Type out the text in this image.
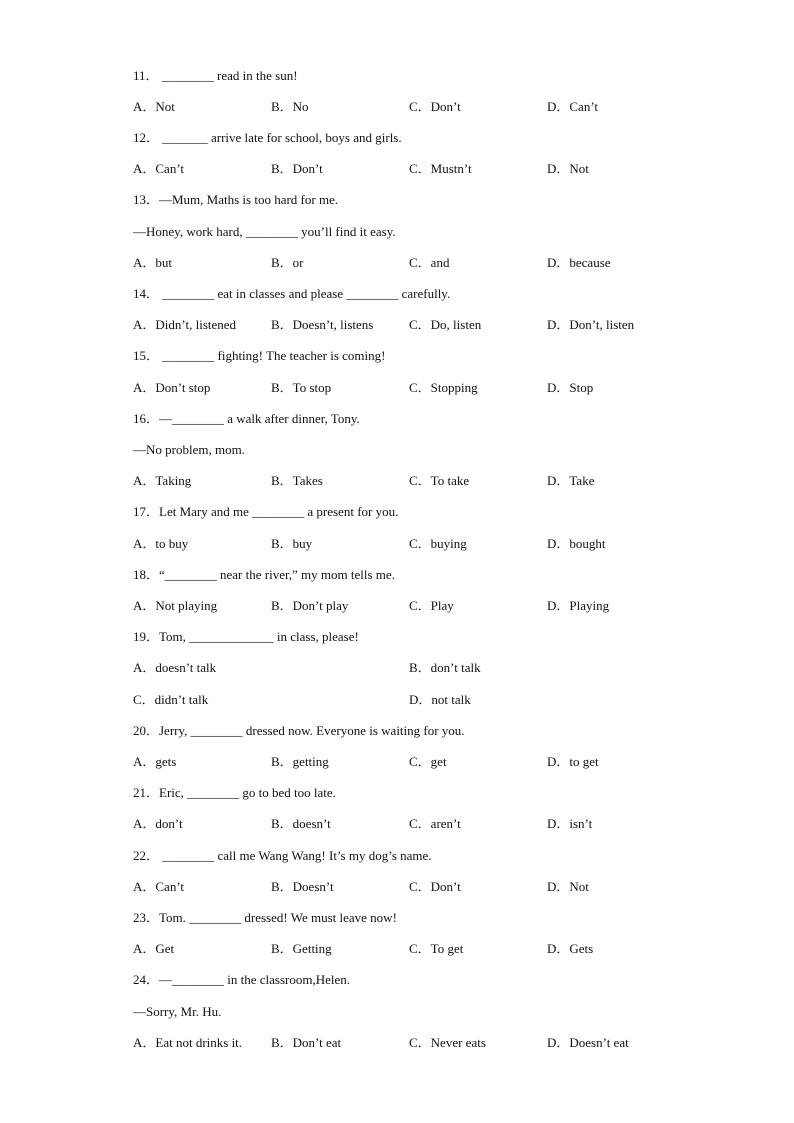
11． ________ read in the sun!
A．Not	B．No	C．Don’t	D．Can’t
12． _______ arrive late for school, boys and girls.
A．Can’t	B．Don’t	C．Mustn’t	D．Not
13．—Mum, Maths is too hard for me.
—Honey, work hard, ________ you’ll find it easy.
A．but	B．or	C．and	D．because
14． ________ eat in classes and please ________ carefully.
A．Didn’t, listened	B．Doesn’t, listens	C．Do, listen	D．Don’t, listen
15． ________ fighting! The teacher is coming!
A．Don’t stop	B．To stop	C．Stopping	D．Stop
16．—________ a walk after dinner, Tony.
—No problem, mom.
A．Taking	B．Takes	C．To take	D．Take
17．Let Mary and me ________ a present for you.
A．to buy	B．buy	C．buying	D．bought
18．“________ near the river,” my mom tells me.
A．Not playing	B．Don’t play	C．Play	D．Playing
19．Tom, _____________ in class, please!
A．doesn’t talk	B．don’t talk
C．didn’t talk	D．not talk
20．Jerry, ________ dressed now. Everyone is waiting for you.
A．gets	B．getting	C．get	D．to get
21．Eric, ________ go to bed too late.
A．don’t	B．doesn’t	C．aren’t	D．isn’t
22． ________ call me Wang Wang! It’s my dog’s name.
A．Can’t	B．Doesn’t	C．Don’t	D．Not
23．Tom. ________ dressed! We must leave now!
A．Get	B．Getting	C．To get	D．Gets
24．—________ in the classroom,Helen.
—Sorry, Mr. Hu.
A．Eat not drinks it. B．Don’t eat	C．Never eats	D．Doesn’t eat
